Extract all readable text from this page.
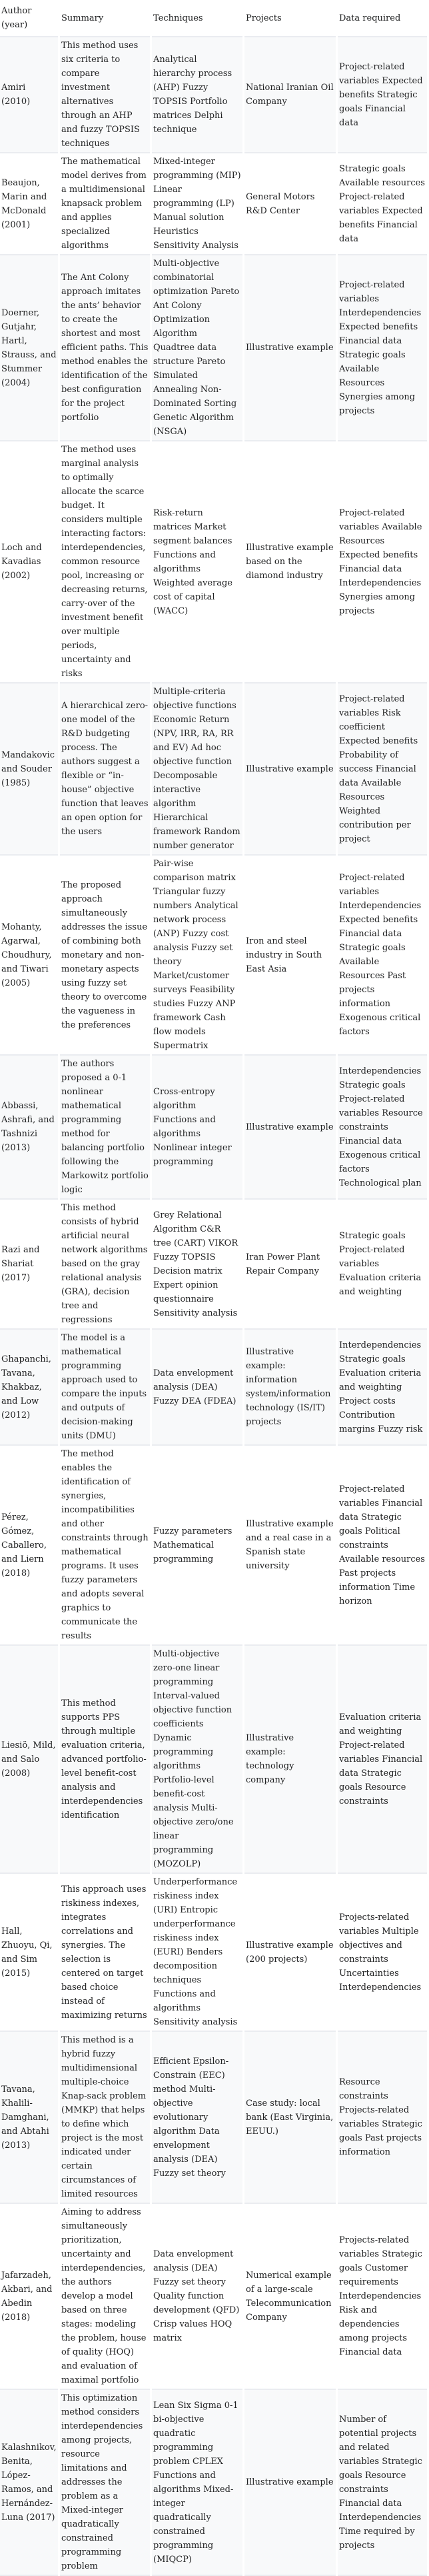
Author (year)	Summary	Techniques	Projects	Data required
Amiri (2010)	This method uses six criteria to compare investment alternatives through an AHP and fuzzy TOPSIS techniques	Analytical hierarchy process (AHP) Fuzzy TOPSIS Portfolio matrices Delphi technique	National Iranian Oil Company	Project-related variables Expected benefits Strategic goals Financial data
Beaujon, Marin and McDonald (2001)	The mathematical model derives from a multidimensional knapsack problem and applies specialized algorithms	Mixed-integer programming (MIP) Linear programming (LP) Manual solution Heuristics Sensitivity Analysis	General Motors R&D Center	Strategic goals Available resources Project-related variables Expected benefits Financial data
Doerner, Gutjahr, Hartl, Strauss, and Stummer (2004)	The Ant Colony approach imitates the ants’ behavior to create the shortest and most efficient paths. This method enables the identification of the best configuration for the project portfolio	Multi-objective combinatorial optimization Pareto Ant Colony Optimization Algorithm Quadtree data structure Pareto Simulated Annealing Non-Dominated Sorting Genetic Algorithm (NSGA)	Illustrative example	Project-related variables Interdependencies Expected benefits Financial data Strategic goals Available Resources Synergies among projects
Loch and Kavadias (2002)	The method uses marginal analysis to optimally allocate the scarce budget. It considers multiple interacting factors: interdependencies, common resource pool, increasing or decreasing returns, carry-over of the investment benefit over multiple periods, uncertainty and risks	Risk-return matrices Market segment balances Functions and algorithms Weighted average cost of capital (WACC)	Illustrative example based on the diamond industry	Project-related variables Available Resources Expected benefits Financial data Interdependencies Synergies among projects
Mandakovic and Souder (1985)	A hierarchical zero-one model of the R&D budgeting process. The authors suggest a flexible or “in-house” objective function that leaves an open option for the users	Multiple-criteria objective functions Economic Return (NPV, IRR, RA, RR and EV) Ad hoc objective function Decomposable interactive algorithm Hierarchical framework Random number generator	Illustrative example	Project-related variables Risk coefficient Expected benefits Probability of success Financial data Available Resources Weighted contribution per project
Mohanty, Agarwal, Choudhury, and Tiwari (2005)	The proposed approach simultaneously addresses the issue of combining both monetary and non-monetary aspects using fuzzy set theory to overcome the vagueness in the preferences	Pair-wise comparison matrix Triangular fuzzy numbers Analytical network process (ANP) Fuzzy cost analysis Fuzzy set theory Market/customer surveys Feasibility studies Fuzzy ANP framework Cash flow models Supermatrix	Iron and steel industry in South East Asia	Project-related variables Interdependencies Expected benefits Financial data Strategic goals Available Resources Past projects information Exogenous critical factors
Abbassi, Ashrafi, and Tashnizi (2013)	The authors proposed a 0-1 nonlinear mathematical programming method for balancing portfolio following the Markowitz portfolio logic	Cross-entropy algorithm Functions and algorithms Nonlinear integer programming	Illustrative example	Interdependencies Strategic goals Project-related variables Resource constraints Financial data Exogenous critical factors Technological plan
Razi and Shariat (2017)	This method consists of hybrid artificial neural network algorithms based on the gray relational analysis (GRA), decision tree and regressions	Grey Relational Algorithm C&R tree (CART) VIKOR Fuzzy TOPSIS Decision matrix Expert opinion questionnaire Sensitivity analysis	Iran Power Plant Repair Company	Strategic goals Project-related variables Evaluation criteria and weighting
Ghapanchi, Tavana, Khakbaz, and Low (2012)	The model is a mathematical programming approach used to compare the inputs and outputs of decision-making units (DMU)	Data envelopment analysis (DEA) Fuzzy DEA (FDEA)	Illustrative example: information system/information technology (IS/IT) projects	Interdependencies Strategic goals Evaluation criteria and weighting Project costs Contribution margins Fuzzy risk
Pérez, Gómez, Caballero, and Liern (2018)	The method enables the identification of synergies, incompatibilities and other constraints through mathematical programs. It uses fuzzy parameters and adopts several graphics to communicate the results	Fuzzy parameters Mathematical programming	Illustrative example and a real case in a Spanish state university	Project-related variables Financial data Strategic goals Political constraints Available resources Past projects information Time horizon
Liesiö, Mild, and Salo (2008)	This method supports PPS through multiple evaluation criteria, advanced portfolio-level benefit-cost analysis and interdependencies identification	Multi-objective zero-one linear programming Interval-valued objective function coefficients Dynamic programming algorithms Portfolio-level benefit-cost analysis Multi-objective zero/one linear programming (MOZOLP)	Illustrative example: technology company	Evaluation criteria and weighting Project-related variables Financial data Strategic goals Resource constraints
Hall, Zhuoyu, Qi, and Sim (2015)	This approach uses riskiness indexes, integrates correlations and synergies. The selection is centered on target based choice instead of maximizing returns	Underperformance riskiness index (URI) Entropic underperformance riskiness index (EURI) Benders decomposition techniques Functions and algorithms Sensitivity analysis	Illustrative example (200 projects)	Projects-related variables Multiple objectives and constraints Uncertainties Interdependencies
Tavana, Khalili-Damghani, and Abtahi (2013)	This method is a hybrid fuzzy multidimensional multiple-choice Knap-sack problem (MMKP) that helps to define which project is the most indicated under certain circumstances of limited resources	Efficient Epsilon-Constrain (EEC) method Multi-objective evolutionary algorithm Data envelopment analysis (DEA) Fuzzy set theory	Case study: local bank (East Virginia, EEUU.)	Resource constraints Projects-related variables Strategic goals Past projects information
Jafarzadeh, Akbari, and Abedin (2018)	Aiming to address simultaneously prioritization, uncertainty and interdependencies, the authors develop a model based on three stages: modeling the problem, house of quality (HOQ) and evaluation of maximal portfolio	Data envelopment analysis (DEA) Fuzzy set theory Quality function development (QFD) Crisp values HOQ matrix	Numerical example of a large-scale Telecommunication Company	Projects-related variables Strategic goals Customer requirements Interdependencies Risk and dependencies among projects Financial data
Kalashnikov, Benita, López-Ramos, and Hernández-Luna (2017)	This optimization method considers interdependencies among projects, resource limitations and addresses the problem as a Mixed-integer quadratically constrained programming problem	Lean Six Sigma 0-1 bi-objective quadratic programming problem CPLEX Functions and algorithms Mixed-integer quadratically constrained programming (MIQCP)	Illustrative example	Number of potential projects and related variables Strategic goals Resource constraints Financial data Interdependencies Time required by projects
